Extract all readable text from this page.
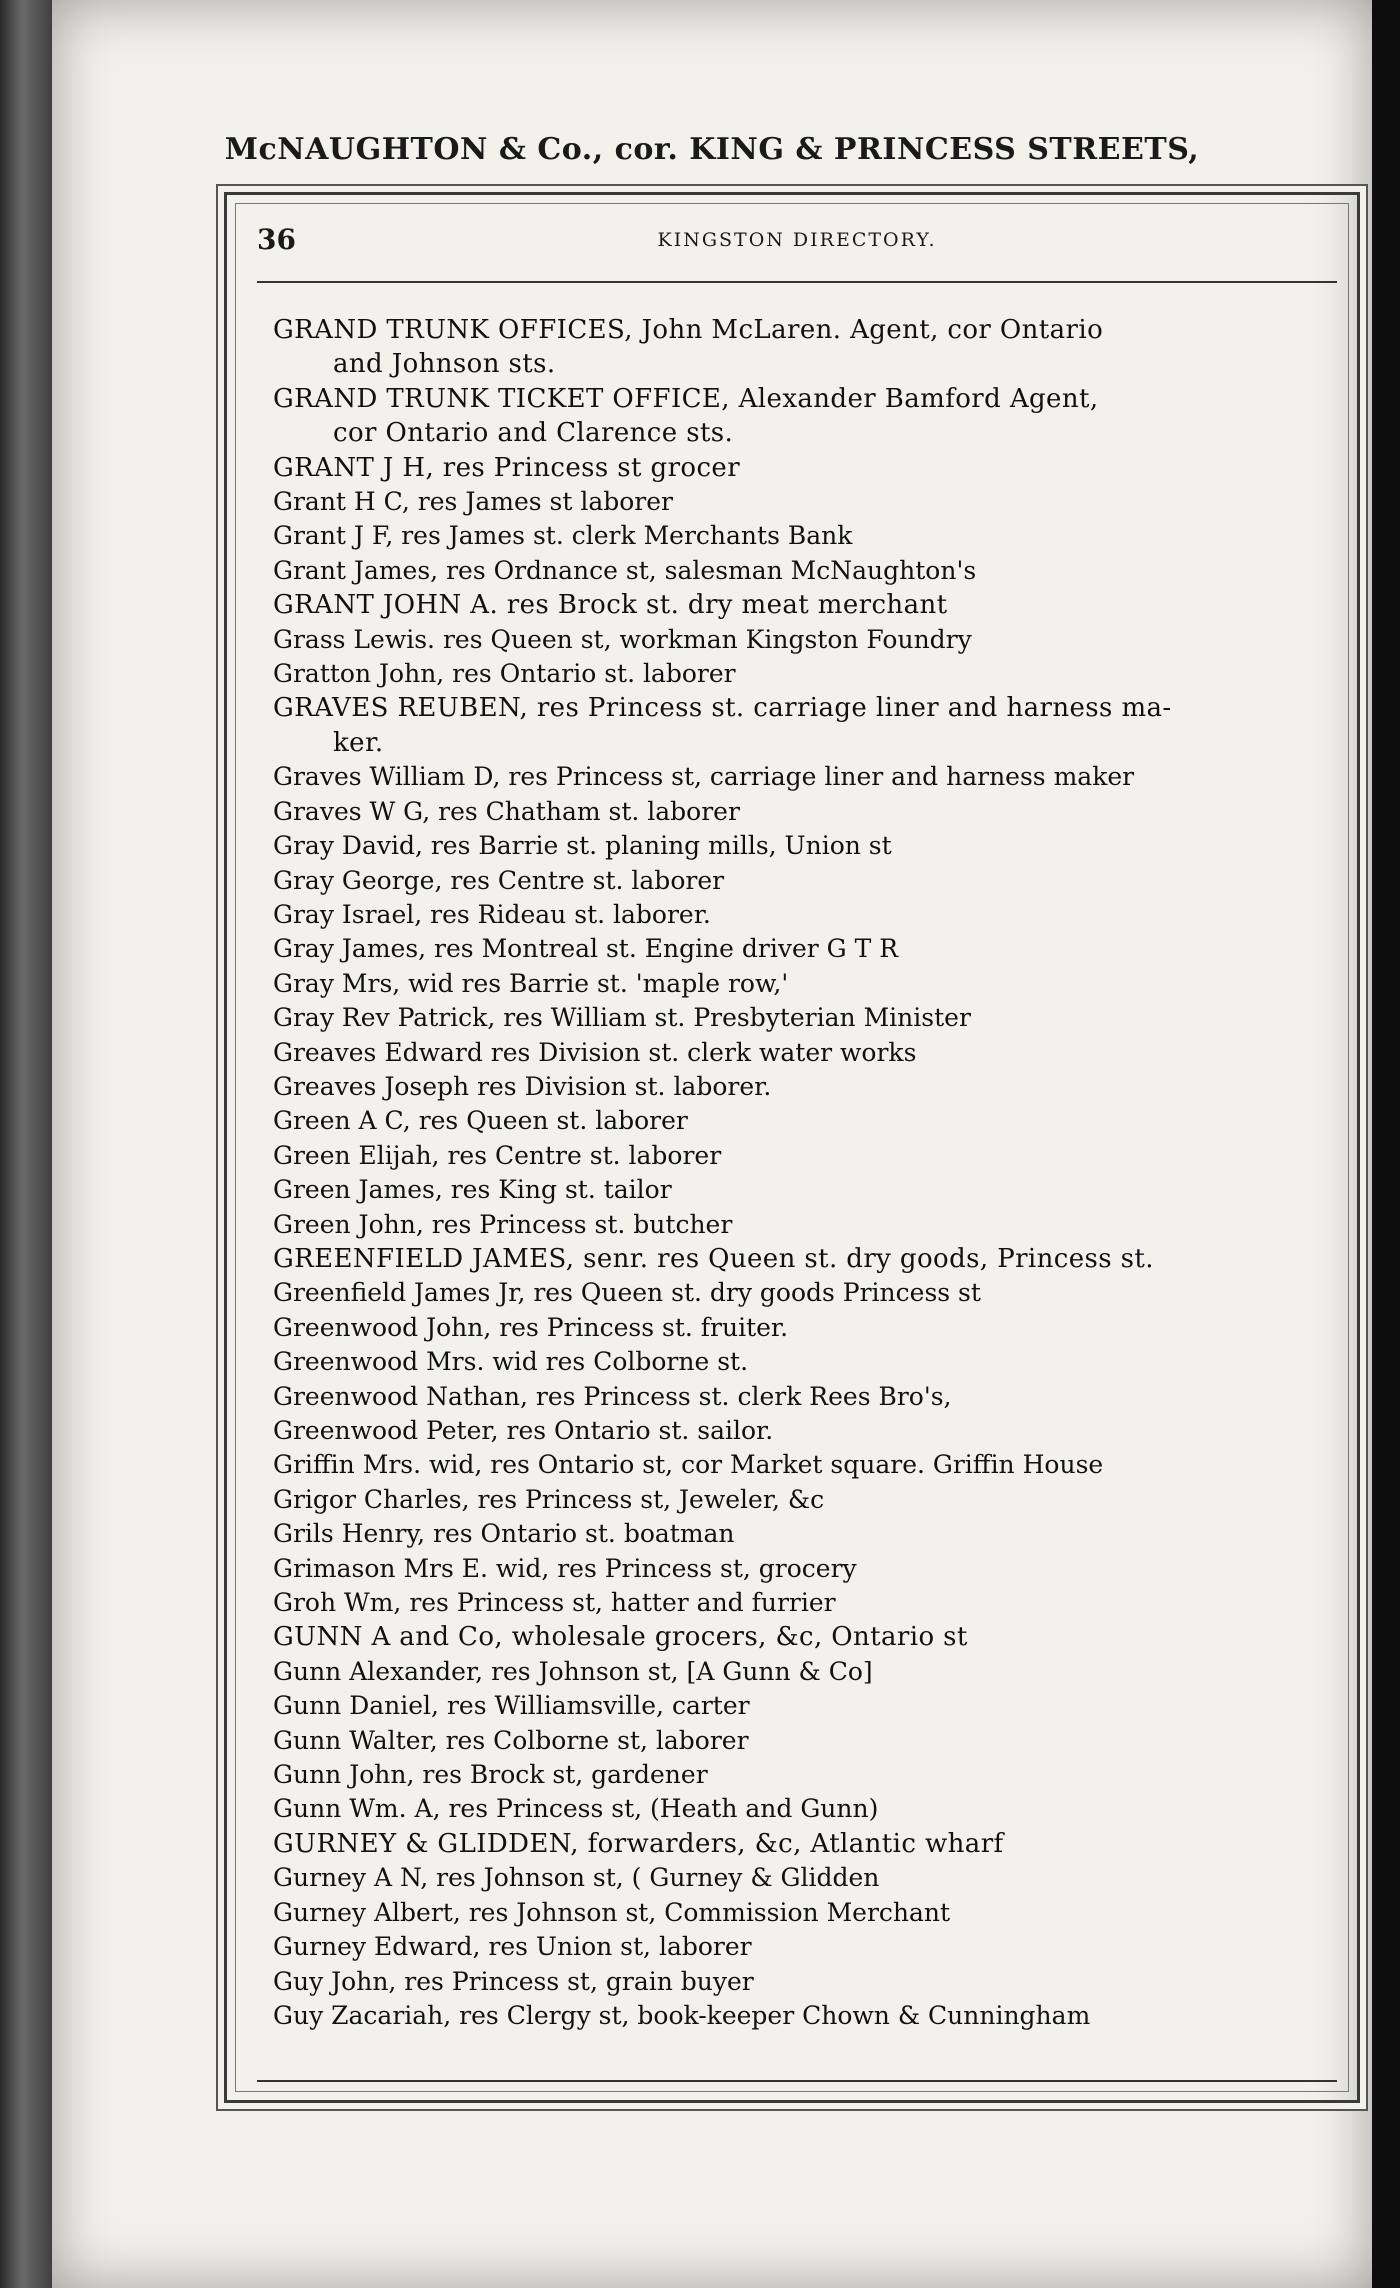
McNAUGHTON & Co., cor. KING & PRINCESS STREETS,
36	KINGSTON DIRECTORY.

GRAND TRUNK OFFICES, John McLaren. Agent, cor Ontario
and Johnson sts.

GRAND TRUNK TICKET OFFICE, Alexander Bamford Agent,
cor Ontario and Clarence sts.

GRANT J H, res Princess st grocer

Grant H C, res James st laborer

Grant J F, res James st. clerk Merchants Bank

Grant James, res Ordnance st, salesman McNaughton's

GRANT JOHN A. res Brock st. dry meat merchant

Grass Lewis. res Queen st, workman Kingston Foundry

Gratton John, res Ontario st. laborer

GRAVES REUBEN, res Princess st. carriage liner and harness ma-
ker.

Graves William D, res Princess st, carriage liner and harness maker

Graves W G, res Chatham st. laborer

Gray David, res Barrie st. planing mills, Union st

Gray George, res Centre st. laborer

Gray Israel, res Rideau st. laborer.

Gray James, res Montreal st. Engine driver G T R

Gray Mrs, wid res Barrie st. 'maple row,'

Gray Rev Patrick, res William st. Presbyterian Minister

Greaves Edward res Division st. clerk water works

Greaves Joseph res Division st. laborer.

Green A C, res Queen st. laborer

Green Elijah, res Centre st. laborer

Green James, res King st. tailor

Green John, res Princess st. butcher

GREENFIELD JAMES, senr. res Queen st. dry goods, Princess st.

Greenfield James Jr, res Queen st. dry goods Princess st

Greenwood John, res Princess st. fruiter.

Greenwood Mrs. wid res Colborne st.

Greenwood Nathan, res Princess st. clerk Rees Bro's,

Greenwood Peter, res Ontario st. sailor.

Griffin Mrs. wid, res Ontario st, cor Market square. Griffin House

Grigor Charles, res Princess st, Jeweler, &c

Grils Henry, res Ontario st. boatman

Grimason Mrs E. wid, res Princess st, grocery

Groh Wm, res Princess st, hatter and furrier

GUNN A and Co, wholesale grocers, &c, Ontario st

Gunn Alexander, res Johnson st, [A Gunn & Co]

Gunn Daniel, res Williamsville, carter

Gunn Walter, res Colborne st, laborer

Gunn John, res Brock st, gardener

Gunn Wm. A, res Princess st, (Heath and Gunn)

GURNEY & GLIDDEN, forwarders, &c, Atlantic wharf

Gurney A N, res Johnson st, ( Gurney & Glidden

Gurney Albert, res Johnson st, Commission Merchant

Gurney Edward, res Union st, laborer

Guy John, res Princess st, grain buyer

Guy Zacariah, res Clergy st, book-keeper Chown & Cunningham
